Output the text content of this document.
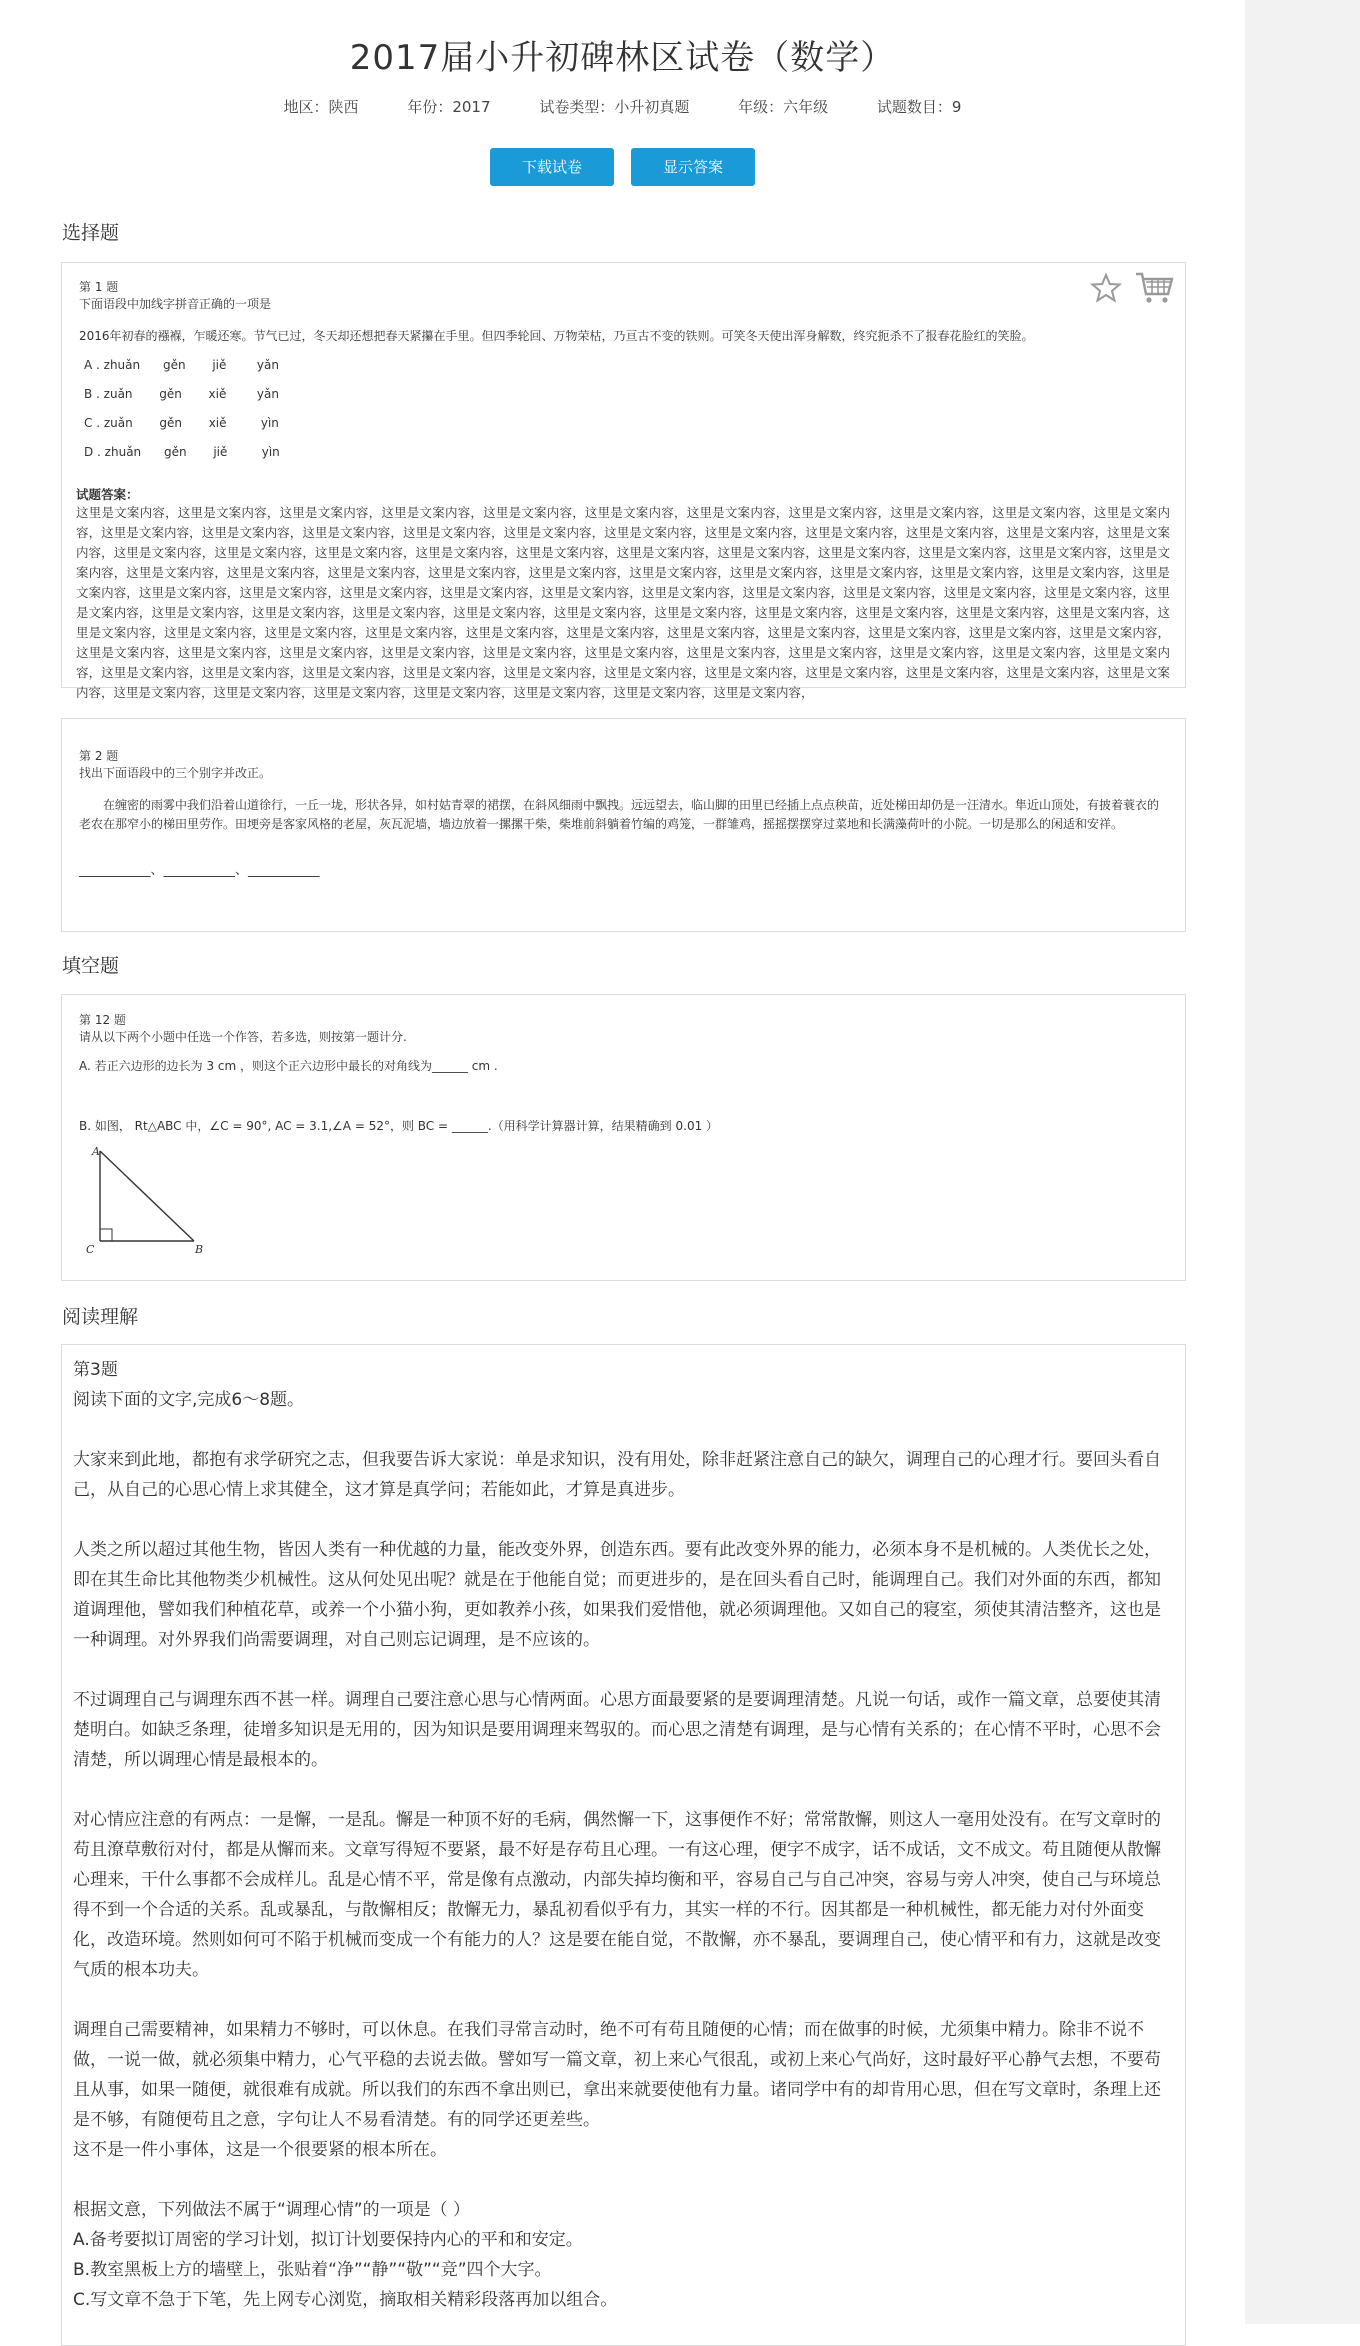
2017届小升初碑林区试卷（数学）
地区：陕西	年份：2017	试卷类型：小升初真题	年级：六年级	试题数目：9
下载试卷	显示答案
选择题
第 1 题
下面语段中加线字拼音正确的一项是
2016年初春的襁褓，乍暖还寒。节气已过，冬天却还想把春天紧攥在手里。但四季轮回、万物荣枯，乃亘古不变的铁则。可笑冬天使出浑身解数，终究扼杀不了报春花脸红的笑脸。
A . zhuǎn      gěn       jiě        yǎn
B . zuǎn       gěn       xiě        yǎn
C . zuǎn       gěn       xiě         yìn
D . zhuǎn      gěn       jiě         yìn
试题答案：
这里是文案内容，这里是文案内容，这里是文案内容，这里是文案内容，这里是文案内容，这里是文案内容，这里是文案内容，这里是文案内容，这里是文案内容，这里是文案内容，这里是文案内容，这里是文案内容，这里是文案内容，这里是文案内容，这里是文案内容，这里是文案内容，这里是文案内容，这里是文案内容，这里是文案内容，这里是文案内容，这里是文案内容，这里是文案内容，这里是文案内容，这里是文案内容，这里是文案内容，这里是文案内容，这里是文案内容，这里是文案内容，这里是文案内容，这里是文案内容，这里是文案内容，这里是文案内容，这里是文案内容，这里是文案内容，这里是文案内容，这里是文案内容，这里是文案内容，这里是文案内容，这里是文案内容，这里是文案内容，这里是文案内容，这里是文案内容，这里是文案内容，这里是文案内容，这里是文案内容，这里是文案内容，这里是文案内容，这里是文案内容，这里是文案内容，这里是文案内容，这里是文案内容，这里是文案内容，这里是文案内容，这里是文案内容，这里是文案内容，这里是文案内容，这里是文案内容，这里是文案内容，这里是文案内容，这里是文案内容，这里是文案内容，这里是文案内容，这里是文案内容，这里是文案内容，这里是文案内容，这里是文案内容，这里是文案内容，这里是文案内容，这里是文案内容，这里是文案内容，这里是文案内容，这里是文案内容，这里是文案内容，这里是文案内容，这里是文案内容，这里是文案内容，这里是文案内容，这里是文案内容，这里是文案内容，这里是文案内容，这里是文案内容，这里是文案内容，这里是文案内容，这里是文案内容，这里是文案内容，这里是文案内容，这里是文案内容，这里是文案内容，这里是文案内容，这里是文案内容，这里是文案内容，这里是文案内容，这里是文案内容，这里是文案内容，这里是文案内容，这里是文案内容，这里是文案内容，这里是文案内容，这里是文案内容，这里是文案内容，这里是文案内容，这里是文案内容，这里是文案内容，这里是文案内容，这里是文案内容，
第 2 题
找出下面语段中的三个别字并改正。
在缠密的雨雾中我们沿着山道徐行，一丘一垅，形状各异，如村姑青翠的裙摆，在斜风细雨中飘拽。远远望去，临山脚的田里已经插上点点秧苗，近处梯田却仍是一汪清水。隼近山顶处，有披着蓑衣的老农在那窄小的梯田里劳作。田埂旁是客家风格的老屋，灰瓦泥墙，墙边放着一摞摞干柴，柴堆前斜躺着竹编的鸡笼，一群雏鸡，摇摇摆摆穿过菜地和长满藻荷叶的小院。一切是那么的闲适和安祥。
___________、___________、___________
填空题
第 12 题
请从以下两个小题中任选一个作答，若多选，则按第一题计分.
A. 若正六边形的边长为 3 cm ，则这个正六边形中最长的对角线为______ cm .
B. 如图， Rt△ABC 中，∠C = 90°, AC = 3.1,∠A = 52°，则 BC = ______.（用科学计算器计算，结果精确到 0.01 ）
A
B
C
阅读理解

第3题

阅读下面的文字,完成6～8题。

大家来到此地，都抱有求学研究之志，但我要告诉大家说：单是求知识，没有用处，除非赶紧注意自己的缺欠，调理自己的心理才行。要回头看自己，从自己的心思心情上求其健全，这才算是真学问；若能如此，才算是真进步。

人类之所以超过其他生物，皆因人类有一种优越的力量，能改变外界，创造东西。要有此改变外界的能力，必须本身不是机械的。人类优长之处，即在其生命比其他物类少机械性。这从何处见出呢？就是在于他能自觉；而更进步的，是在回头看自己时，能调理自己。我们对外面的东西，都知道调理他，譬如我们种植花草，或养一个小猫小狗，更如教养小孩，如果我们爱惜他，就必须调理他。又如自己的寝室，须使其清洁整齐，这也是一种调理。对外界我们尚需要调理，对自己则忘记调理，是不应该的。

不过调理自己与调理东西不甚一样。调理自己要注意心思与心情两面。心思方面最要紧的是要调理清楚。凡说一句话，或作一篇文章，总要使其清楚明白。如缺乏条理，徒增多知识是无用的，因为知识是要用调理来驾驭的。而心思之清楚有调理，是与心情有关系的；在心情不平时，心思不会清楚，所以调理心情是最根本的。

对心情应注意的有两点：一是懈，一是乱。懈是一种顶不好的毛病，偶然懈一下，这事便作不好；常常散懈，则这人一毫用处没有。在写文章时的苟且潦草敷衍对付，都是从懈而来。文章写得短不要紧，最不好是存苟且心理。一有这心理，便字不成字，话不成话，文不成文。苟且随便从散懈心理来，干什么事都不会成样儿。乱是心情不平，常是像有点激动，内部失掉均衡和平，容易自己与自己冲突，容易与旁人冲突，使自己与环境总得不到一个合适的关系。乱或暴乱，与散懈相反；散懈无力，暴乱初看似乎有力，其实一样的不行。因其都是一种机械性，都无能力对付外面变化，改造环境。然则如何可不陷于机械而变成一个有能力的人？这是要在能自觉，不散懈，亦不暴乱，要调理自己，使心情平和有力，这就是改变气质的根本功夫。

调理自己需要精神，如果精力不够时，可以休息。在我们寻常言动时，绝不可有苟且随便的心情；而在做事的时候，尤须集中精力。除非不说不做，一说一做，就必须集中精力，心气平稳的去说去做。譬如写一篇文章，初上来心气很乱，或初上来心气尚好，这时最好平心静气去想，不要苟且从事，如果一随便，就很难有成就。所以我们的东西不拿出则已，拿出来就要使他有力量。诸同学中有的却肯用心思，但在写文章时，条理上还是不够，有随便苟且之意，字句让人不易看清楚。有的同学还更差些。

这不是一件小事体，这是一个很要紧的根本所在。

根据文意，下列做法不属于“调理心情”的一项是（ ）

A.备考要拟订周密的学习计划，拟订计划要保持内心的平和和安定。

B.教室黑板上方的墙壁上，张贴着“净”“静”“敬”“竞”四个大字。

C.写文章不急于下笔，先上网专心浏览，摘取相关精彩段落再加以组合。
